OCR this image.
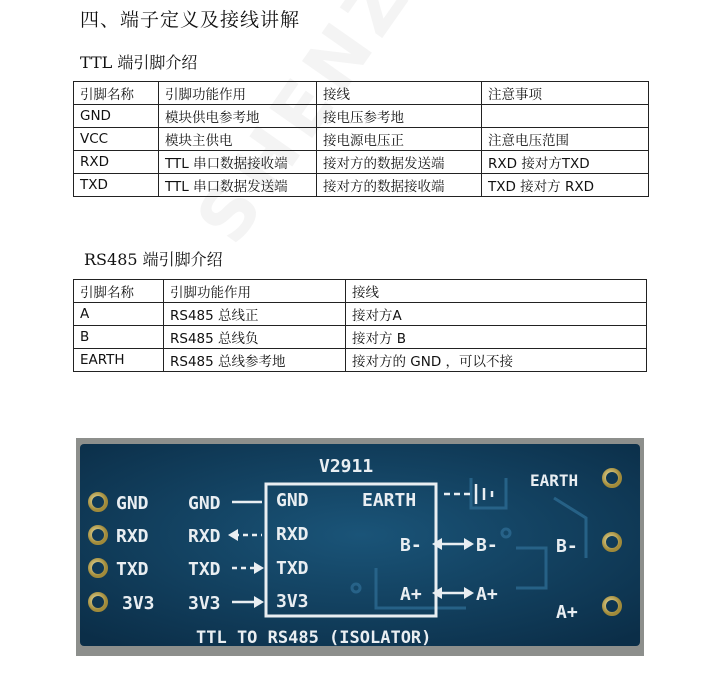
四、端子定义及接线讲解
TTL 端引脚介绍
引脚名称	引脚功能作用	接线	注意事项
GND	模块供电参考地	接电压参考地	
VCC	模块主供电	接电源电压正	注意电压范围
RXD	TTL 串口数据接收端	接对方的数据发送端	RXD 接对方TXD
TXD	TTL 串口数据发送端	接对方的数据接收端	TXD 接对方 RXD
RS485 端引脚介绍
引脚名称	引脚功能作用	接线
A	RS485 总线正	接对方A
B	RS485 总线负	接对方 B
EARTH	RS485 总线参考地	接对方的 GND ，可以不接
V2911
GND
RXD
TXD
3V3
GND
RXD
TXD
3V3
GND
RXD
TXD
3V3
EARTH
B-
A+
B-
A+
EARTH
B-
A+
TTL TO RS485 (ISOLATOR)
